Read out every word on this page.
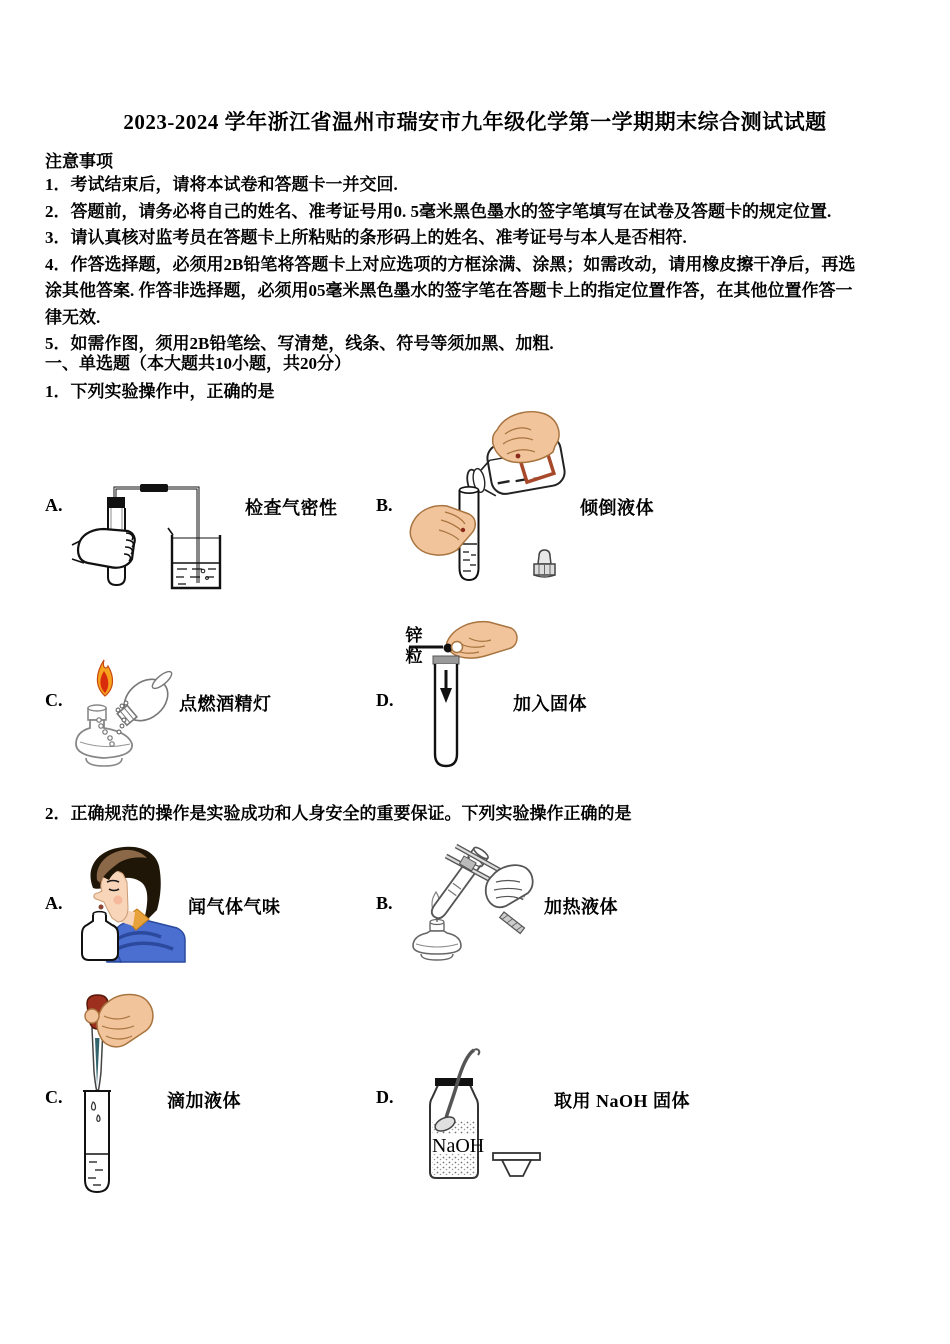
2023-2024 学年浙江省温州市瑞安市九年级化学第一学期期末综合测试试题
注意事项
1．考试结束后，请将本试卷和答题卡一并交回.
2．答题前，请务必将自己的姓名、准考证号用0. 5毫米黑色墨水的签字笔填写在试卷及答题卡的规定位置.
3．请认真核对监考员在答题卡上所粘贴的条形码上的姓名、准考证号与本人是否相符.
4．作答选择题，必须用2B铅笔将答题卡上对应选项的方框涂满、涂黑；如需改动，请用橡皮擦干净后，再选涂其他答案. 作答非选择题，必须用05毫米黑色墨水的签字笔在答题卡上的指定位置作答，在其他位置作答一律无效.
5．如需作图，须用2B铅笔绘、写清楚，线条、符号等须加黑、加粗.
一、单选题（本大题共10小题，共20分）
1．下列实验操作中，正确的是
A.	检查气密性 B.	倾倒液体
C.	点燃酒精灯	D.
锌粒
加入固体
2．正确规范的操作是实验成功和人身安全的重要保证。下列实验操作正确的是
A.	闻气体气味	B.	加热液体
C.	滴加液体	D.
NaOH
取用 NaOH 固体
